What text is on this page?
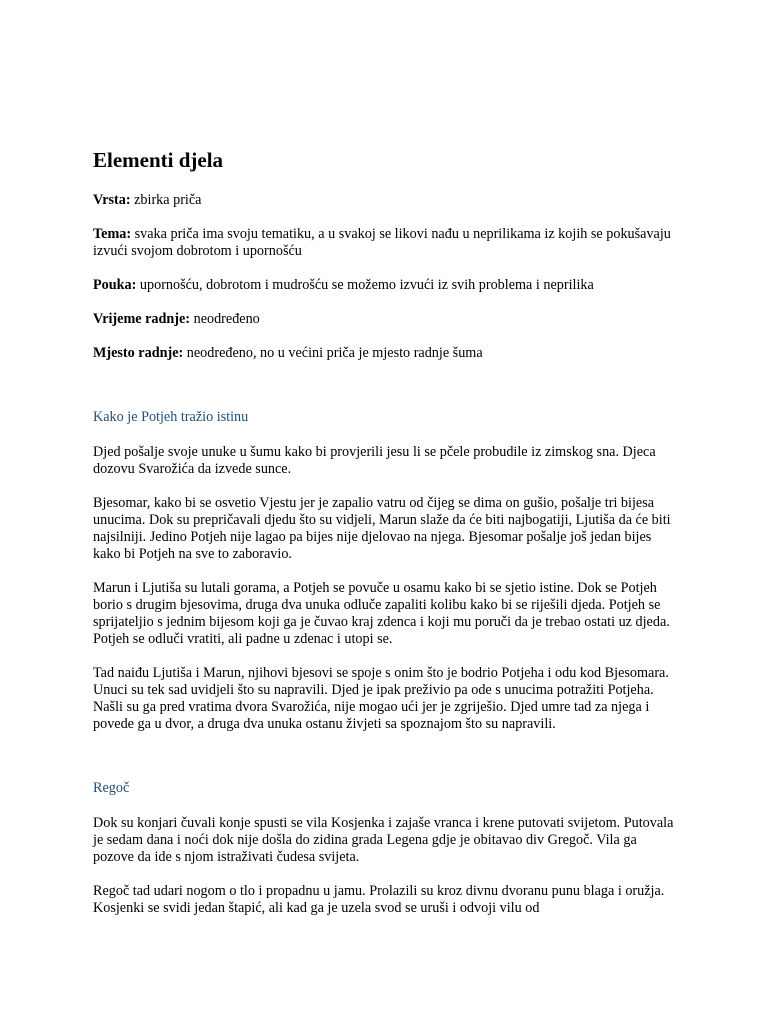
Elementi djela

Vrsta: zbirka priča

Tema: svaka priča ima svoju tematiku, a u svakoj se likovi nađu u neprilikama iz kojih se pokušavaju izvući svojom dobrotom i upornošću

Pouka: upornošću, dobrotom i mudrošću se možemo izvući iz svih problema i neprilika

Vrijeme radnje: neodređeno

Mjesto radnje: neodređeno, no u većini priča je mjesto radnje šuma

Kako je Potjeh tražio istinu

Djed pošalje svoje unuke u šumu kako bi provjerili jesu li se pčele probudile iz zimskog sna. Djeca dozovu Svarožića da izvede sunce.

Bjesomar, kako bi se osvetio Vjestu jer je zapalio vatru od čijeg se dima on gušio, pošalje tri bijesa unucima. Dok su prepričavali djedu što su vidjeli, Marun slaže da će biti najbogatiji, Ljutiša da će biti najsilniji. Jedino Potjeh nije lagao pa bijes nije djelovao na njega. Bjesomar pošalje još jedan bijes kako bi Potjeh na sve to zaboravio.

Marun i Ljutiša su lutali gorama, a Potjeh se povuče u osamu kako bi se sjetio istine. Dok se Potjeh borio s drugim bjesovima, druga dva unuka odluče zapaliti kolibu kako bi se riješili djeda. Potjeh se sprijateljio s jednim bijesom koji ga je čuvao kraj zdenca i koji mu poruči da je trebao ostati uz djeda. Potjeh se odluči vratiti, ali padne u zdenac i utopi se.

Tad naiđu Ljutiša i Marun, njihovi bjesovi se spoje s onim što je bodrio Potjeha i odu kod Bjesomara. Unuci su tek sad uvidjeli što su napravili. Djed je ipak preživio pa ode s unucima potražiti Potjeha. Našli su ga pred vratima dvora Svarožića, nije mogao ući jer je zgriješio. Djed umre tad za njega i povede ga u dvor, a druga dva unuka ostanu živjeti sa spoznajom što su napravili.

Regoč

Dok su konjari čuvali konje spusti se vila Kosjenka i zajaše vranca i krene putovati svijetom. Putovala je sedam dana i noći dok nije došla do zidina grada Legena gdje je obitavao div Gregoč. Vila ga pozove da ide s njom istraživati čudesa svijeta.

Regoč tad udari nogom o tlo i propadnu u jamu. Prolazili su kroz divnu dvoranu punu blaga i oružja. Kosjenki se svidi jedan štapić, ali kad ga je uzela svod se uruši i odvoji vilu od
